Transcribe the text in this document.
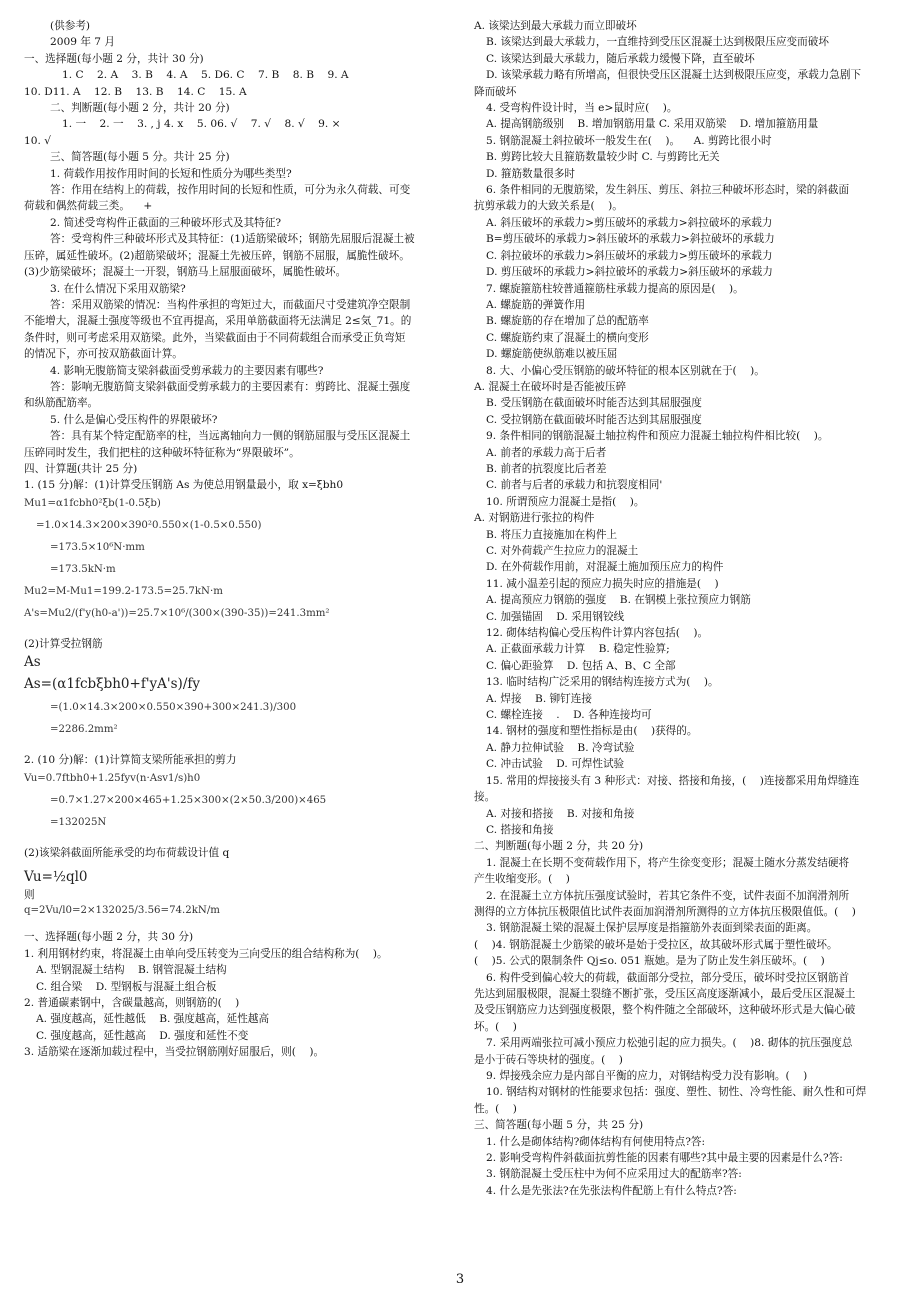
(供参考)

2009 年 7 月

一、选择题(每小题 2 分，共计 30 分)

1. C    2. A    3. B    4. A    5. D6. C    7. B    8. B    9. A

10. D11. A    12. B    13. B    14. C    15. A

二、判断题(每小题 2 分，共计 20 分)

1. 一    2. 一    3. , j 4. x    5. 06. √    7. √    8. √    9. ×

10. √

三、简答题(每小题 5 分。共计 25 分)

1. 荷载作用按作用时间的长短和性质分为哪些类型?

答：作用在结构上的荷载，按作用时间的长短和性质，可分为永久荷载、可变

荷载和偶然荷载三类。    +

2. 简述受弯构件正截面的三种破坏形式及其特征?

答：受弯构件三种破坏形式及其特征：(1)适筋梁破坏；钢筋先屈服后混凝土被

压碎，属延性破坏。(2)超筋梁破坏；混凝土先被压碎，钢筋不屈服，属脆性破坏。

(3)少筋梁破坏；混凝土一开裂，钢筋马上屈服面破坏，属脆性破坏。

3. 在什么情况下采用双筋梁?

答：采用双筋梁的情况：当构件承担的弯矩过大，而截面尺寸受建筑净空限制

不能增大，混凝土强度等级也不宜再提高，采用单筋截面将无法满足 2≤気_71。的

条件时，则可考虑采用双筋梁。此外，当梁截面由于不同荷载组合而承受正负弯矩

的情况下，亦可按双筋截面计算。

4. 影响无腹筋简支梁斜截面受剪承载力的主要因素有哪些?

答：影响无腹筋简支梁斜截面受剪承载力的主要因素有：剪跨比、混凝土强度

和纵筋配筋率。

5. 什么是偏心受压构件的界限破坏?

答：具有某个特定配筋率的柱，当远离轴向力一侧的钢筋屈服与受压区混凝土

压碎同时发生，我们把柱的这种破坏特征称为“界限破坏”。

四、计算题(共计 25 分)

1. (15 分)解：(1)计算受压钢筋 As 为使总用钢量最小，取 x=ξbh0

Mu1=α1fcbh0²ξb(1-0.5ξb)

=1.0×14.3×200×390²0.550×(1-0.5×0.550)

=173.5×10⁶N·mm

=173.5kN·m

Mu2=M-Mu1=199.2-173.5=25.7kN·m

A's=Mu2/(f'y(h0-a'))=25.7×10⁶/(300×(390-35))=241.3mm²

(2)计算受拉钢筋

As

As=(α1fcbξbh0+f'yA's)/fy

=(1.0×14.3×200×0.550×390+300×241.3)/300

=2286.2mm²

2. (10 分)解：(1)计算简支梁所能承担的剪力

Vu=0.7ftbh0+1.25fyv(n·Asv1/s)h0

=0.7×1.27×200×465+1.25×300×(2×50.3/200)×465

=132025N

(2)该梁斜截面所能承受的均布荷载设计值 q

Vu=½ql0

则

q=2Vu/l0=2×132025/3.56=74.2kN/m

一、选择题(每小题 2 分，共 30 分)

1. 利用钢材约束，将混凝土由单向受压转变为三向受压的组合结构称为(    )。

A. 型钢混凝土结构    B. 钢管混凝土结构

C. 组合梁    D. 型钢板与混凝土组合板

2. 普通碳素钢中，含碳量越高，则钢筋的(    )

A. 强度越高，延性越低    B. 强度越高，延性越高

C. 强度越高，延性越高    D. 强度和延性不变

3. 适筋梁在逐渐加载过程中，当受拉钢筋刚好屈服后，则(    )。

A. 该梁达到最大承载力而立即破坏

B. 该梁达到最大承载力，一直维持到受压区混凝土达到极限压应变而破坏

C. 该梁达到最大承载力，随后承载力缓慢下降，直至破坏

D. 该梁承载力略有所增高，但很快受压区混凝土达到极限压应变，承载力急剧下

降而破坏

4. 受弯构件设计时，当 e>鼠时应(    )。

A. 提高钢筋级别    B. 增加钢筋用量 C. 采用双筋梁    D. 增加箍筋用量

5. 钢筋混凝土斜拉破坏一般发生在(    )。    A. 剪跨比很小时

B. 剪跨比较大且箍筋数量较少时 C. 与剪跨比无关

D. 箍筋数量很多时

6. 条件相同的无腹筋梁，发生斜压、剪压、斜拉三种破坏形态时，梁的斜截面

抗剪承载力的大致关系是(    )。

A. 斜压破坏的承载力>剪压破坏的承载力>斜拉破坏的承载力

B=剪压破坏的承载力>斜压破坏的承载力>斜拉破坏的承载力

C. 斜拉破坏的承载力>斜压破坏的承载力>剪压破坏的承载力

D. 剪压破坏的承载力>斜拉破坏的承载力>斜压破坏的承载力

7. 螺旋箍筋柱较普通箍筋柱承载力提高的原因是(    )。

A. 螺旋筋的弹簧作用

B. 螺旋筋的存在增加了总的配筋率

C. 螺旋筋约束了混凝土的横向变形

D. 螺旋筋使纵筋难以被压屈

8. 大、小偏心受压钢筋的破坏特征的根本区别就在于(    )。

A. 混凝土在破坏时是否能被压碎

B. 受压钢筋在截面破坏时能否达到其屈服强度

C. 受拉钢筋在截面破坏时能否达到其屈服强度

9. 条件相同的钢筋混凝土轴拉构件和预应力混凝土轴拉构件相比较(    )。

A. 前者的承载力高于后者

B. 前者的抗裂度比后者差

C. 前者与后者的承载力和抗裂度相同'

10. 所谓预应力混凝土是指(    )。

A. 对钢筋进行张拉的构件

B. 将压力直接施加在构件上

C. 对外荷载产生拉应力的混凝土

D. 在外荷载作用前，对混凝土施加预压应力的构件

11. 减小温差引起的预应力损失时应的措施是(    )

A. 提高预应力钢筋的强度    B. 在钢模上张拉预应力钢筋

C. 加强锚固    D. 采用钢铰线

12. 砌体结构偏心受压构件计算内容包括(    )。

A. 正截面承载力计算    B. 稳定性验算;

C. 偏心距验算    D. 包括 A、B、C 全部

13. 临时结构广泛采用的钢结构连接方式为(    )。

A. 焊接    B. 铆钉连接

C. 螺栓连接    .    D. 各种连接均可

14. 钢材的强度和塑性指标是由(    )获得的。

A. 静力拉伸试验    B. 冷弯试验

C. 冲击试验    D. 可焊性试验

15. 常用的焊接接头有 3 种形式：对接、搭接和角接，(    )连接都采用角焊缝连

接。

A. 对接和搭接    B. 对接和角接

C. 搭接和角接

二、判断题(每小题 2 分，共 20 分)

1. 混凝土在长期不变荷载作用下，将产生徐变变形；混凝土随水分蒸发结硬将

产生收缩变形。(    )

2. 在混凝土立方体抗压强度试验时，若其它条件不变，试件表面不加润滑剂所

测得的立方体抗压极限值比试件表面加润滑剂所测得的立方体抗压极限值低。(    )

3. 钢筋混凝土梁的混凝土保护层厚度是指箍筋外表面到梁表面的距离。

(    )4. 钢筋混凝土少筋梁的破坏是始于受拉区，故其破坏形式属于塑性破坏。

(    )5. 公式的限制条件 Qj≤o. 051 瓶她。是为了防止发生斜压破坏。(    )

6. 构件受到偏心较大的荷载，截面部分受拉，部分受压，破坏时受拉区钢筋首

先达到屈服极限，混凝土裂缝不断扩张，受压区高度逐渐减小，最后受压区混凝土

及受压钢筋应力达到强度极限，整个构件随之全部破坏，这种破坏形式是大偏心破

坏。(    )

7. 采用两端张拉可减小预应力松弛引起的应力损失。(    )8. 砌体的抗压强度总

是小于砖石等块材的强度。(    )

9. 焊接残余应力是内部自平衡的应力，对钢结构受力没有影响。(    )

10. 钢结构对钢材的性能要求包括：强度、塑性、韧性、冷弯性能、耐久性和可焊

性。(    )

三、简答题(每小题 5 分，共 25 分)

1. 什么是砌体结构?砌体结构有何使用特点?答:

2. 影响受弯构件斜截面抗剪性能的因素有哪些?其中最主要的因素是什么?答:

3. 钢筋混凝土受压柱中为何不应采用过大的配筋率?答:

4. 什么是先张法?在先张法构件配筋上有什么特点?答:

3
